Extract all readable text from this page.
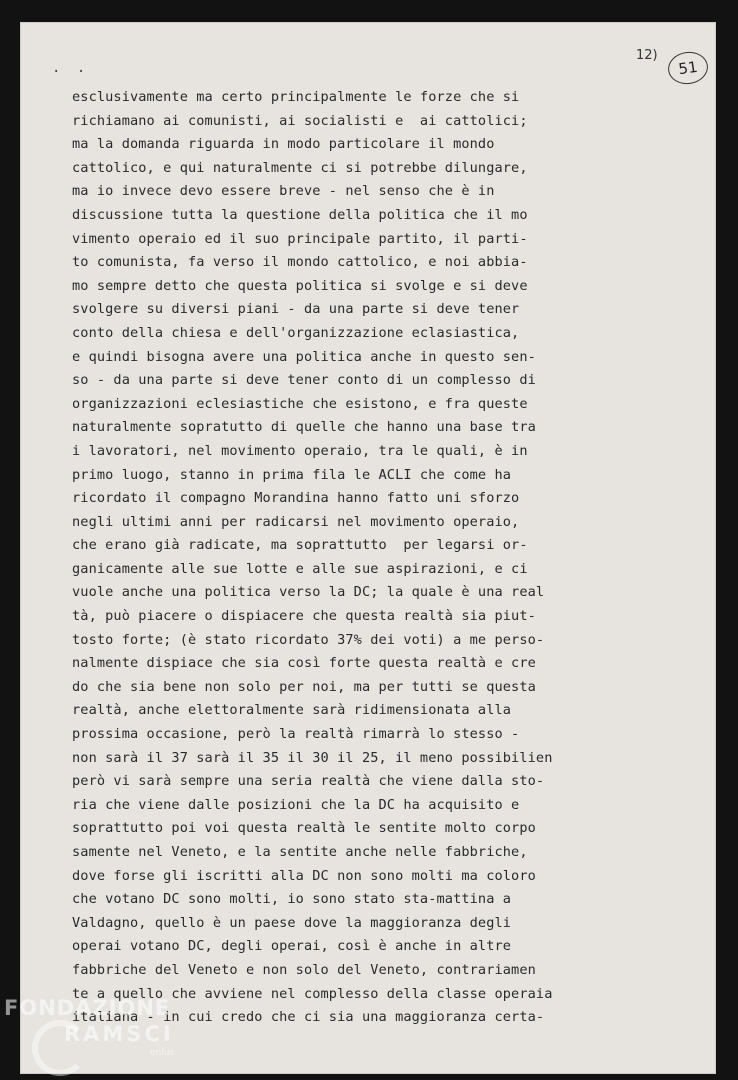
. .
12)
51
esclusivamente ma certo principalmente le forze che si
richiamano ai comunisti, ai socialisti e  ai cattolici;
ma la domanda riguarda in modo particolare il mondo
cattolico, e qui naturalmente ci si potrebbe dilungare,
ma io invece devo essere breve - nel senso che è in
discussione tutta la questione della politica che il mo
vimento operaio ed il suo principale partito, il parti-
to comunista, fa verso il mondo cattolico, e noi abbia-
mo sempre detto che questa politica si svolge e si deve
svolgere su diversi piani - da una parte si deve tener
conto della chiesa e dell'organizzazione eclasiastica,
e quindi bisogna avere una politica anche in questo sen-
so - da una parte si deve tener conto di un complesso di
organizzazioni eclesiastiche che esistono, e fra queste
naturalmente sopratutto di quelle che hanno una base tra
i lavoratori, nel movimento operaio, tra le quali, è in
primo luogo, stanno in prima fila le ACLI che come ha
ricordato il compagno Morandina hanno fatto uni sforzo
negli ultimi anni per radicarsi nel movimento operaio,
che erano già radicate, ma soprattutto  per legarsi or-
ganicamente alle sue lotte e alle sue aspirazioni, e ci
vuole anche una politica verso la DC; la quale è una real
tà, può piacere o dispiacere che questa realtà sia piut-
tosto forte; (è stato ricordato 37% dei voti) a me perso-
nalmente dispiace che sia così forte questa realtà e cre
do che sia bene non solo per noi, ma per tutti se questa
realtà, anche elettoralmente sarà ridimensionata alla
prossima occasione, però la realtà rimarrà lo stesso -
non sarà il 37 sarà il 35 il 30 il 25, il meno possibilien
però vi sarà sempre una seria realtà che viene dalla sto-
ria che viene dalle posizioni che la DC ha acquisito e
soprattutto poi voi questa realtà le sentite molto corpo
samente nel Veneto, e la sentite anche nelle fabbriche,
dove forse gli iscritti alla DC non sono molti ma coloro
che votano DC sono molti, io sono stato sta-mattina a
Valdagno, quello è un paese dove la maggioranza degli
operai votano DC, degli operai, così è anche in altre
fabbriche del Veneto e non solo del Veneto, contrariamen
te a quello che avviene nel complesso della classe operaia
italiana - in cui credo che ci sia una maggioranza certa-
FONDAZIONE
RAMSCI
onlus
